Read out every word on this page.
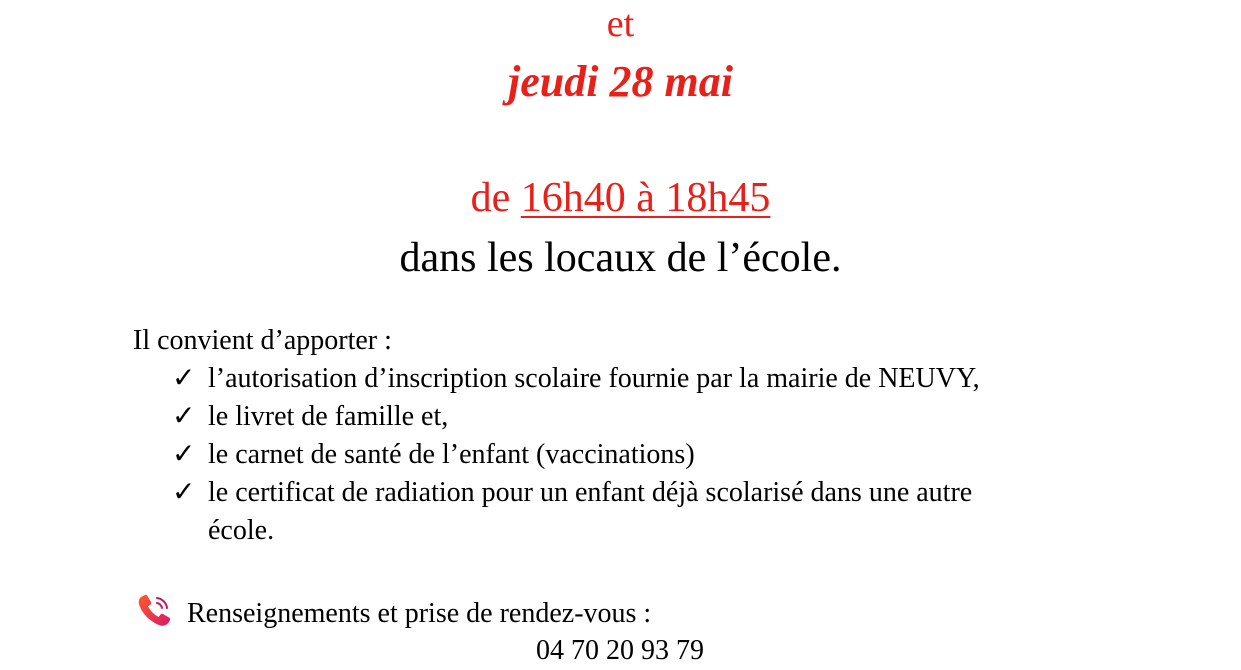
et
jeudi 28 mai
de 16h40 à 18h45
dans les locaux de l’école.
Il convient d’apporter :
✓ l’autorisation d’inscription scolaire fournie par la mairie de NEUVY,
✓ le livret de famille et,
✓ le carnet de santé de l’enfant (vaccinations)
✓ le certificat de radiation pour un enfant déjà scolarisé dans une autre
école.
Renseignements et prise de rendez-vous :
04 70 20 93 79
